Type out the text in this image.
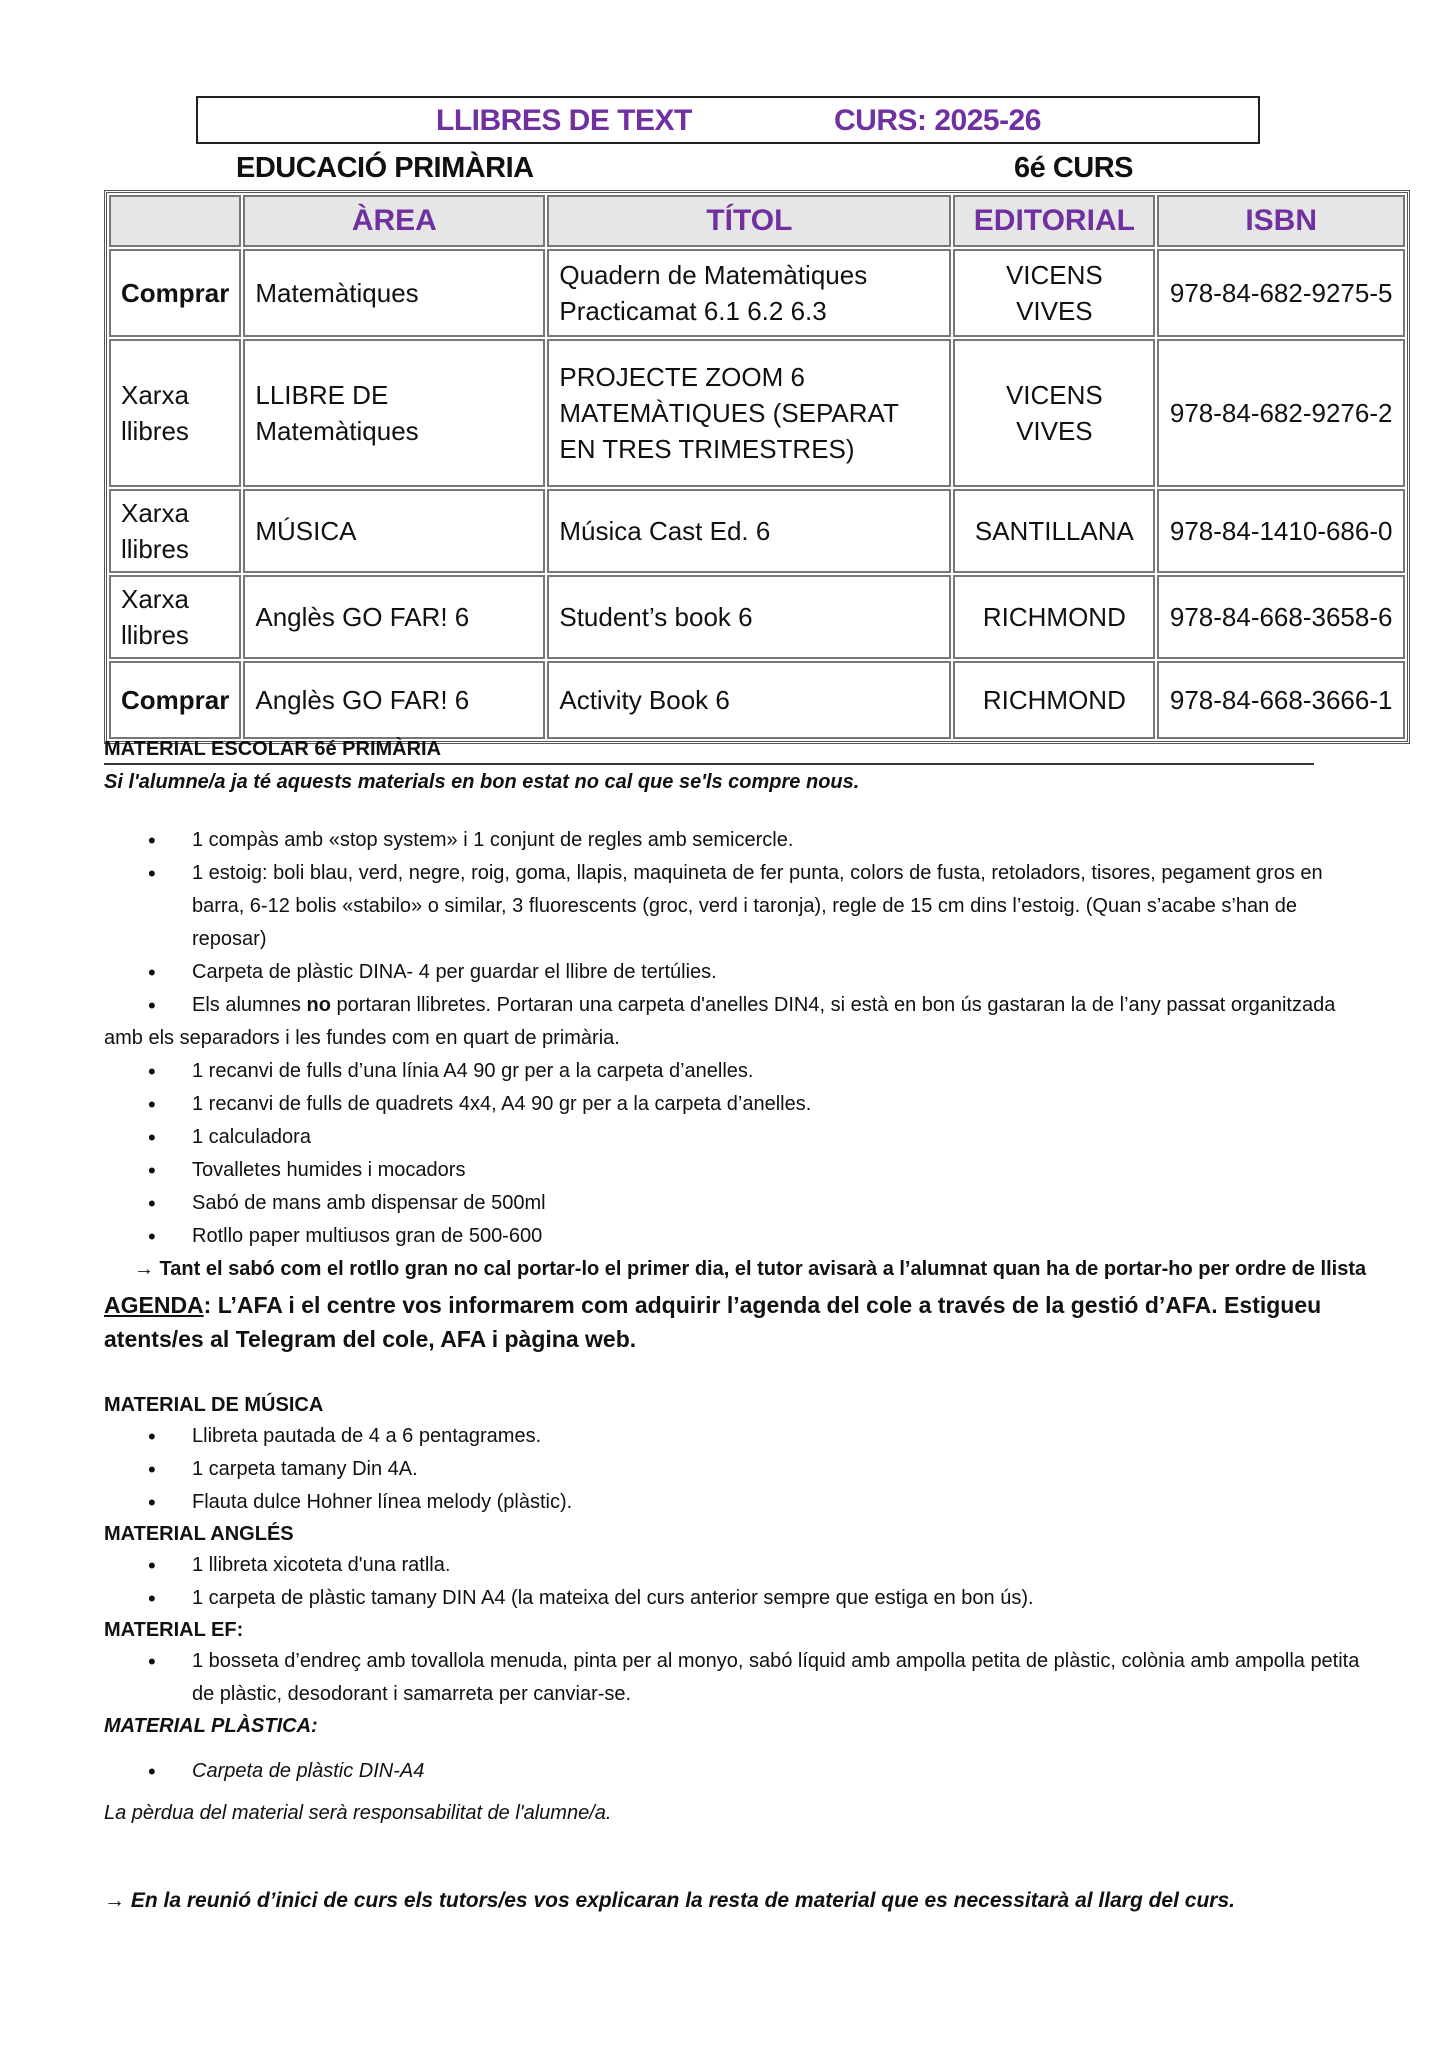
LLIBRES DE TEXT	CURS: 2025-26
EDUCACIÓ PRIMÀRIA	6é CURS
	ÀREA	TÍTOL	EDITORIAL	ISBN
Comprar	Matemàtiques	Quadern de Matemàtiques Practicamat 6.1 6.2 6.3	VICENS VIVES	978-84-682-9275-5
Xarxa llibres	LLIBRE DE Matemàtiques	PROJECTE ZOOM 6 MATEMÀTIQUES (SEPARAT EN TRES TRIMESTRES)	VICENS VIVES	978-84-682-9276-2
Xarxa llibres	MÚSICA	Música Cast Ed. 6	SANTILLANA	978-84-1410-686-0
Xarxa llibres	Anglès GO FAR! 6	Student’s book 6	RICHMOND	978-84-668-3658-6
Comprar	Anglès GO FAR! 6	Activity Book 6	RICHMOND	978-84-668-3666-1
MATERIAL ESCOLAR 6é PRIMÀRIA
Si l'alumne/a ja té aquests materials en bon estat no cal que se'ls compre nous.
• 1 compàs amb «stop system» i 1 conjunt de regles amb semicercle.
• 1 estoig: boli blau, verd, negre, roig, goma, llapis, maquineta de fer punta, colors de fusta, retoladors, tisores, pegament gros en barra, 6-12 bolis «stabilo» o similar, 3 fluorescents (groc, verd i taronja), regle de 15 cm dins l’estoig. (Quan s’acabe s’han de reposar)
• Carpeta de plàstic DINA- 4 per guardar el llibre de tertúlies.
• Els alumnes no portaran llibretes. Portaran una carpeta d'anelles DIN4, si està en bon ús gastaran la de l’any passat organitzada amb els separadors i les fundes com en quart de primària.
• 1 recanvi de fulls d’una línia A4 90 gr per a la carpeta d’anelles.
• 1 recanvi de fulls de quadrets 4x4, A4 90 gr per a la carpeta d’anelles.
• 1 calculadora
• Tovalletes humides i mocadors
• Sabó de mans amb dispensar de 500ml
• Rotllo paper multiusos gran de 500-600
→ Tant el sabó com el rotllo gran no cal portar-lo el primer dia, el tutor avisarà a l’alumnat quan ha de portar-ho per ordre de llista
AGENDA: L’AFA i el centre vos informarem com adquirir l’agenda del cole a través de la gestió d’AFA. Estigueu atents/es al Telegram del cole, AFA i pàgina web.
MATERIAL DE MÚSICA
• Llibreta pautada de 4 a 6 pentagrames.
• 1 carpeta tamany Din 4A.
• Flauta dulce Hohner línea melody (plàstic).
MATERIAL ANGLÉS
• 1 llibreta xicoteta d'una ratlla.
• 1 carpeta de plàstic tamany DIN A4 (la mateixa del curs anterior sempre que estiga en bon ús).
MATERIAL EF:
• 1 bosseta d’endreç amb tovallola menuda, pinta per al monyo, sabó líquid amb ampolla petita de plàstic, colònia amb ampolla petita de plàstic, desodorant i samarreta per canviar-se.
MATERIAL PLÀSTICA:
• Carpeta de plàstic DIN-A4
La pèrdua del material serà responsabilitat de l'alumne/a.
→ En la reunió d’inici de curs els tutors/es vos explicaran la resta de material que es necessitarà al llarg del curs.
